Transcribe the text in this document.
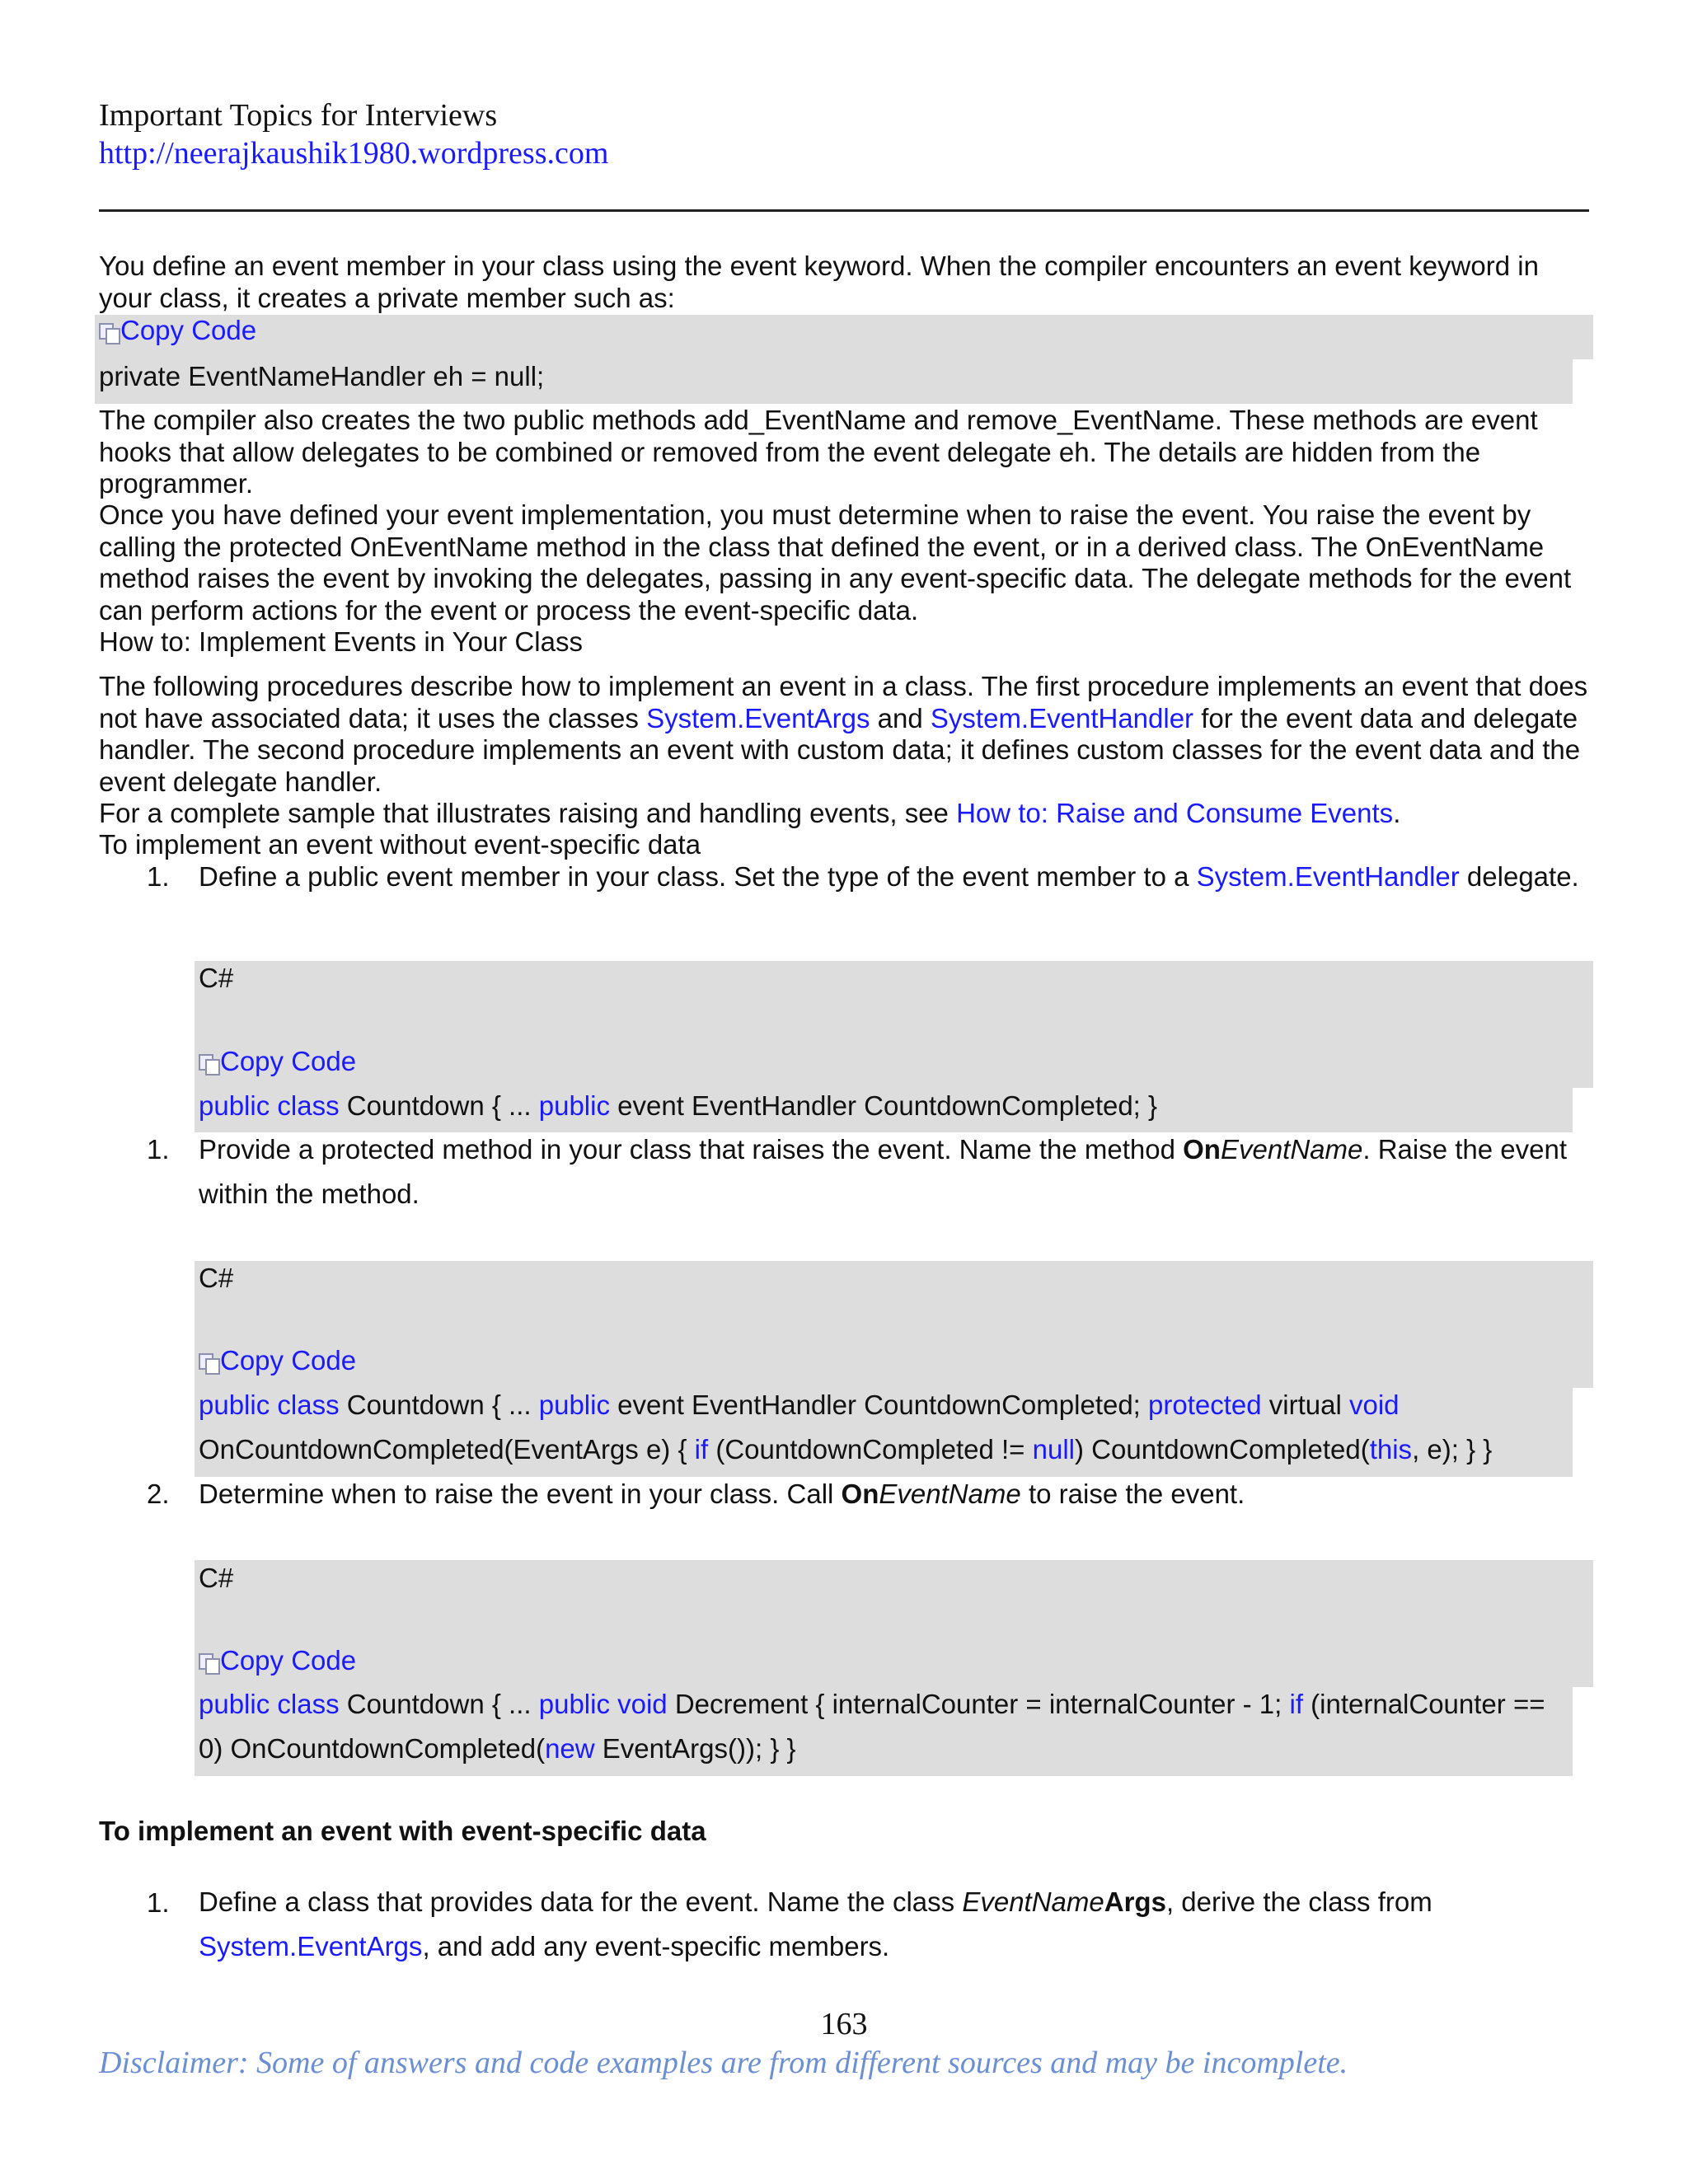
Important Topics for Interviews
http://neerajkaushik1980.wordpress.com

You define an event member in your class using the event keyword. When the compiler encounters an event keyword in your class, it creates a private member such as:

Copy Code
private EventNameHandler eh = null;

The compiler also creates the two public methods add_EventName and remove_EventName. These methods are event hooks that allow delegates to be combined or removed from the event delegate eh. The details are hidden from the programmer.

Once you have defined your event implementation, you must determine when to raise the event. You raise the event by calling the protected OnEventName method in the class that defined the event, or in a derived class. The OnEventName method raises the event by invoking the delegates, passing in any event-specific data. The delegate methods for the event can perform actions for the event or process the event-specific data.

How to: Implement Events in Your Class

The following procedures describe how to implement an event in a class. The first procedure implements an event that does not have associated data; it uses the classes System.EventArgs and System.EventHandler for the event data and delegate handler. The second procedure implements an event with custom data; it defines custom classes for the event data and the event delegate handler.

For a complete sample that illustrates raising and handling events, see How to: Raise and Consume Events.

To implement an event without event-specific data

1. Define a public event member in your class. Set the type of the event member to a System.EventHandler delegate.
C#
Copy Code
public class Countdown { ... public event EventHandler CountdownCompleted; }
1. Provide a protected method in your class that raises the event. Name the method OnEventName. Raise the event within the method.
C#
Copy Code
public class Countdown { ... public event EventHandler CountdownCompleted; protected virtual void
OnCountdownCompleted(EventArgs e) { if (CountdownCompleted != null) CountdownCompleted(this, e); } }
2. Determine when to raise the event in your class. Call OnEventName to raise the event.
C#
Copy Code
public class Countdown { ... public void Decrement { internalCounter = internalCounter - 1; if (internalCounter ==
0) OnCountdownCompleted(new EventArgs()); } }
To implement an event with event-specific data
1. Define a class that provides data for the event. Name the class EventNameArgs, derive the class from System.EventArgs, and add any event-specific members.
163
Disclaimer: Some of answers and code examples are from different sources and may be incomplete.
